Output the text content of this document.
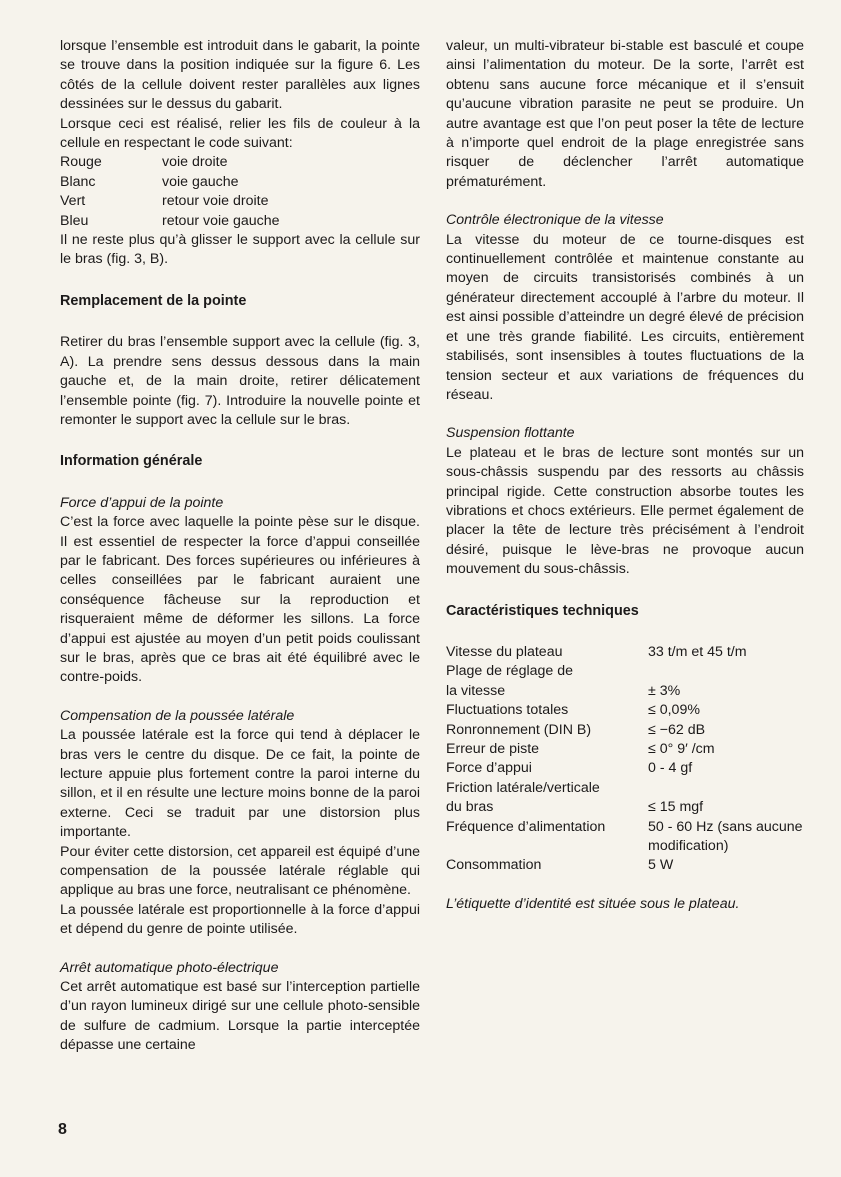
lorsque l’ensemble est introduit dans le gabarit, la pointe se trouve dans la position indiquée sur la figure 6. Les côtés de la cellule doivent rester parallèles aux lignes dessinées sur le dessus du gabarit.

Lorsque ceci est réalisé, relier les fils de couleur à la cellule en respectant le code suivant:

Rouge	voie droite
Blanc	voie gauche
Vert	retour voie droite
Bleu	retour voie gauche

Il ne reste plus qu’à glisser le support avec la cellule sur le bras (fig. 3, B).

Remplacement de la pointe

Retirer du bras l’ensemble support avec la cellule (fig. 3, A). La prendre sens dessus dessous dans la main gauche et, de la main droite, retirer délicatement l’ensemble pointe (fig. 7). Introduire la nouvelle pointe et remonter le support avec la cellule sur le bras.

Information générale
Force d’appui de la pointe

C’est la force avec laquelle la pointe pèse sur le disque. Il est essentiel de respecter la force d’appui conseillée par le fabricant. Des forces supérieures ou inférieures à celles conseillées par le fabricant auraient une conséquence fâcheuse sur la reproduction et risqueraient même de déformer les sillons. La force d’appui est ajustée au moyen d’un petit poids coulissant sur le bras, après que ce bras ait été équilibré avec le contre-poids.

Compensation de la poussée latérale

La poussée latérale est la force qui tend à déplacer le bras vers le centre du disque. De ce fait, la pointe de lecture appuie plus fortement contre la paroi interne du sillon, et il en résulte une lecture moins bonne de la paroi externe. Ceci se traduit par une distorsion plus importante.

Pour éviter cette distorsion, cet appareil est équipé d’une compensation de la poussée latérale réglable qui applique au bras une force, neutralisant ce phénomène.

La poussée latérale est proportionnelle à la force d’appui et dépend du genre de pointe utilisée.

Arrêt automatique photo-électrique

Cet arrêt automatique est basé sur l’interception partielle d’un rayon lumineux dirigé sur une cellule photo-sensible de sulfure de cadmium. Lorsque la partie interceptée dépasse une certaine

valeur, un multi-vibrateur bi-stable est basculé et coupe ainsi l’alimentation du moteur. De la sorte, l’arrêt est obtenu sans aucune force mécanique et il s’ensuit qu’aucune vibration parasite ne peut se produire. Un autre avantage est que l’on peut poser la tête de lecture à n’importe quel endroit de la plage enregistrée sans risquer de déclencher l’arrêt automatique prématurément.

Contrôle électronique de la vitesse

La vitesse du moteur de ce tourne-disques est continuellement contrôlée et maintenue constante au moyen de circuits transistorisés combinés à un générateur directement accouplé à l’arbre du moteur. Il est ainsi possible d’atteindre un degré élevé de précision et une très grande fiabilité. Les circuits, entièrement stabilisés, sont insensibles à toutes fluctuations de la tension secteur et aux variations de fréquences du réseau.

Suspension flottante

Le plateau et le bras de lecture sont montés sur un sous-châssis suspendu par des ressorts au châssis principal rigide. Cette construction absorbe toutes les vibrations et chocs extérieurs. Elle permet également de placer la tête de lecture très précisément à l’endroit désiré, puisque le lève-bras ne provoque aucun mouvement du sous-châssis.

Caractéristiques techniques
Vitesse du plateau	33 t/m et 45 t/m
Plage de réglage de
la vitesse	± 3%
Fluctuations totales	≤ 0,09%
Ronronnement (DIN B)	≤ −62 dB
Erreur de piste	≤ 0° 9′ /cm
Force d’appui	0 - 4 gf
Friction latérale/verticale
du bras	≤ 15 mgf
Fréquence d’alimentation	50 - 60 Hz (sans aucune modification)
Consommation	5 W

L’étiquette d’identité est située sous le plateau.

8
